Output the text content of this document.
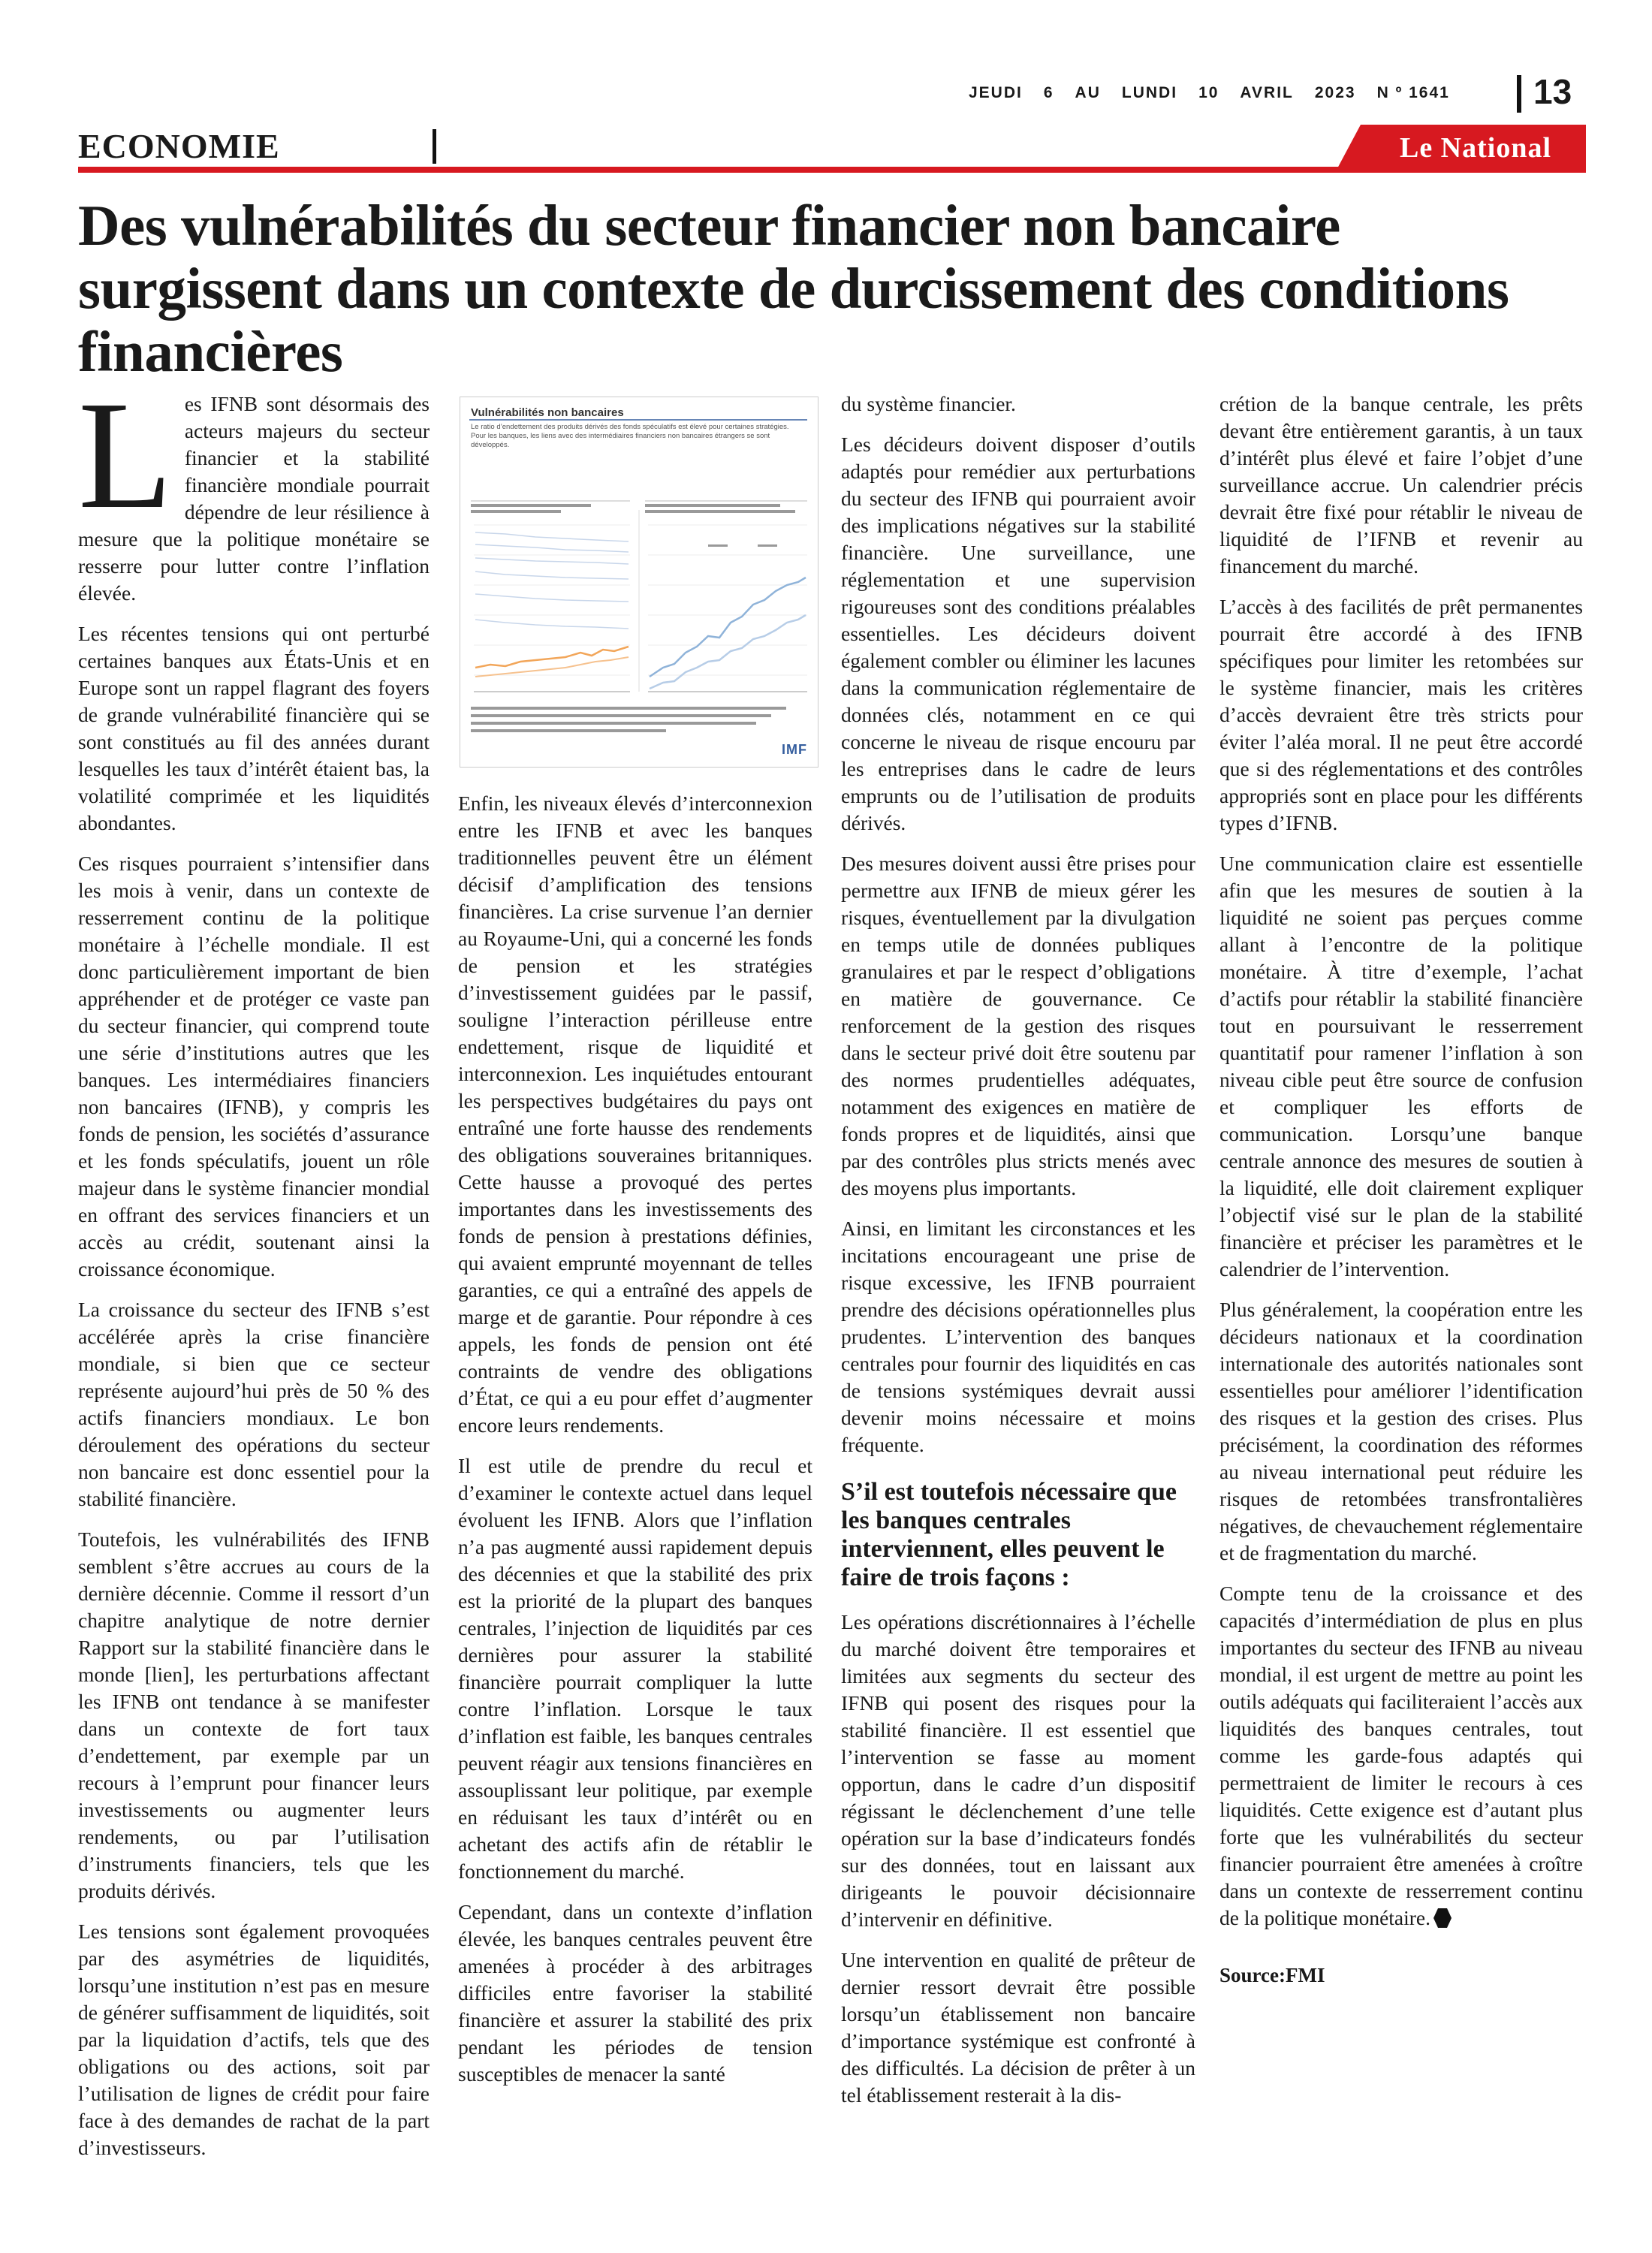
JEUDI 6 AU LUNDI 10 AVRIL 2023 N º 1641 13
ECONOMIE	Le National
Des vulnérabilités du secteur financier non bancaire surgissent dans un contexte de durcissement des conditions financières

Les IFNB sont désormais des acteurs majeurs du secteur financier et la stabilité financière mondiale pourrait dépendre de leur résilience à mesure que la politique monétaire se resserre pour lutter contre l’inflation élevée.

Les récentes tensions qui ont perturbé certaines banques aux États-Unis et en Europe sont un rappel flagrant des foyers de grande vulnérabilité financière qui se sont constitués au fil des années durant lesquelles les taux d’intérêt étaient bas, la volatilité comprimée et les liquidités abondantes.

Ces risques pourraient s’intensifier dans les mois à venir, dans un contexte de resserrement continu de la politique monétaire à l’échelle mondiale. Il est donc particulièrement important de bien appréhender et de protéger ce vaste pan du secteur financier, qui comprend toute une série d’institutions autres que les banques. Les intermédiaires financiers non bancaires (IFNB), y compris les fonds de pension, les sociétés d’assurance et les fonds spéculatifs, jouent un rôle majeur dans le système financier mondial en offrant des services financiers et un accès au crédit, soutenant ainsi la croissance économique.

La croissance du secteur des IFNB s’est accélérée après la crise financière mondiale, si bien que ce secteur représente aujourd’hui près de 50 % des actifs financiers mondiaux. Le bon déroulement des opérations du secteur non bancaire est donc essentiel pour la stabilité financière.

Toutefois, les vulnérabilités des IFNB semblent s’être accrues au cours de la dernière décennie. Comme il ressort d’un chapitre analytique de notre dernier Rapport sur la stabilité financière dans le monde [lien], les perturbations affectant les IFNB ont tendance à se manifester dans un contexte de fort taux d’endettement, par exemple par un recours à l’emprunt pour financer leurs investissements ou augmenter leurs rendements, ou par l’utilisation d’instruments financiers, tels que les produits dérivés.

Les tensions sont également provoquées par des asymétries de liquidités, lorsqu’une institution n’est pas en mesure de générer suffisamment de liquidités, soit par la liquidation d’actifs, tels que des obligations ou des actions, soit par l’utilisation de lignes de crédit pour faire face à des demandes de rachat de la part d’investisseurs.

Vulnérabilités non bancaires
Le ratio d’endettement des produits dérivés des fonds spéculatifs est élevé pour certaines stratégies. Pour les banques, les liens avec des intermédiaires financiers non bancaires étrangers se sont développés.
IMF

Enfin, les niveaux élevés d’interconnexion entre les IFNB et avec les banques traditionnelles peuvent être un élément décisif d’amplification des tensions financières. La crise survenue l’an dernier au Royaume-Uni, qui a concerné les fonds de pension et les stratégies d’investissement guidées par le passif, souligne l’interaction périlleuse entre endettement, risque de liquidité et interconnexion. Les inquiétudes entourant les perspectives budgétaires du pays ont entraîné une forte hausse des rendements des obligations souveraines britanniques. Cette hausse a provoqué des pertes importantes dans les investissements des fonds de pension à prestations définies, qui avaient emprunté moyennant de telles garanties, ce qui a entraîné des appels de marge et de garantie. Pour répondre à ces appels, les fonds de pension ont été contraints de vendre des obligations d’État, ce qui a eu pour effet d’augmenter encore leurs rendements.

Il est utile de prendre du recul et d’examiner le contexte actuel dans lequel évoluent les IFNB. Alors que l’inflation n’a pas augmenté aussi rapidement depuis des décennies et que la stabilité des prix est la priorité de la plupart des banques centrales, l’injection de liquidités par ces dernières pour assurer la stabilité financière pourrait compliquer la lutte contre l’inflation. Lorsque le taux d’inflation est faible, les banques centrales peuvent réagir aux tensions financières en assouplissant leur politique, par exemple en réduisant les taux d’intérêt ou en achetant des actifs afin de rétablir le fonctionnement du marché.

Cependant, dans un contexte d’inflation élevée, les banques centrales peuvent être amenées à procéder à des arbitrages difficiles entre favoriser la stabilité financière et assurer la stabilité des prix pendant les périodes de tension susceptibles de menacer la santé

du système financier.

Les décideurs doivent disposer d’outils adaptés pour remédier aux perturbations du secteur des IFNB qui pourraient avoir des implications négatives sur la stabilité financière. Une surveillance, une réglementation et une supervision rigoureuses sont des conditions préalables essentielles. Les décideurs doivent également combler ou éliminer les lacunes dans la communication réglementaire de données clés, notamment en ce qui concerne le niveau de risque encouru par les entreprises dans le cadre de leurs emprunts ou de l’utilisation de produits dérivés.

Des mesures doivent aussi être prises pour permettre aux IFNB de mieux gérer les risques, éventuellement par la divulgation en temps utile de données publiques granulaires et par le respect d’obligations en matière de gouvernance. Ce renforcement de la gestion des risques dans le secteur privé doit être soutenu par des normes prudentielles adéquates, notamment des exigences en matière de fonds propres et de liquidités, ainsi que par des contrôles plus stricts menés avec des moyens plus importants.

Ainsi, en limitant les circonstances et les incitations encourageant une prise de risque excessive, les IFNB pourraient prendre des décisions opérationnelles plus prudentes. L’intervention des banques centrales pour fournir des liquidités en cas de tensions systémiques devrait aussi devenir moins nécessaire et moins fréquente.

S’il est toutefois nécessaire que les banques centrales interviennent, elles peuvent le faire de trois façons :

Les opérations discrétionnaires à l’échelle du marché doivent être temporaires et limitées aux segments du secteur des IFNB qui posent des risques pour la stabilité financière. Il est essentiel que l’intervention se fasse au moment opportun, dans le cadre d’un dispositif régissant le déclenchement d’une telle opération sur la base d’indicateurs fondés sur des données, tout en laissant aux dirigeants le pouvoir décisionnaire d’intervenir en définitive.

Une intervention en qualité de prêteur de dernier ressort devrait être possible lorsqu’un établissement non bancaire d’importance systémique est confronté à des difficultés. La décision de prêter à un tel établissement resterait à la dis-

crétion de la banque centrale, les prêts devant être entièrement garantis, à un taux d’intérêt plus élevé et faire l’objet d’une surveillance accrue. Un calendrier précis devrait être fixé pour rétablir le niveau de liquidité de l’IFNB et revenir au financement du marché.

L’accès à des facilités de prêt permanentes pourrait être accordé à des IFNB spécifiques pour limiter les retombées sur le système financier, mais les critères d’accès devraient être très stricts pour éviter l’aléa moral. Il ne peut être accordé que si des réglementations et des contrôles appropriés sont en place pour les différents types d’IFNB.

Une communication claire est essentielle afin que les mesures de soutien à la liquidité ne soient pas perçues comme allant à l’encontre de la politique monétaire. À titre d’exemple, l’achat d’actifs pour rétablir la stabilité financière tout en poursuivant le resserrement quantitatif pour ramener l’inflation à son niveau cible peut être source de confusion et compliquer les efforts de communication. Lorsqu’une banque centrale annonce des mesures de soutien à la liquidité, elle doit clairement expliquer l’objectif visé sur le plan de la stabilité financière et préciser les paramètres et le calendrier de l’intervention.

Plus généralement, la coopération entre les décideurs nationaux et la coordination internationale des autorités nationales sont essentielles pour améliorer l’identification des risques et la gestion des crises. Plus précisément, la coordination des réformes au niveau international peut réduire les risques de retombées transfrontalières négatives, de chevauchement réglementaire et de fragmentation du marché.

Compte tenu de la croissance et des capacités d’intermédiation de plus en plus importantes du secteur des IFNB au niveau mondial, il est urgent de mettre au point les outils adéquats qui faciliteraient l’accès aux liquidités des banques centrales, tout comme les garde-fous adaptés qui permettraient de limiter le recours à ces liquidités. Cette exigence est d’autant plus forte que les vulnérabilités du secteur financier pourraient être amenées à croître dans un contexte de resserrement continu de la politique monétaire.

Source:FMI
